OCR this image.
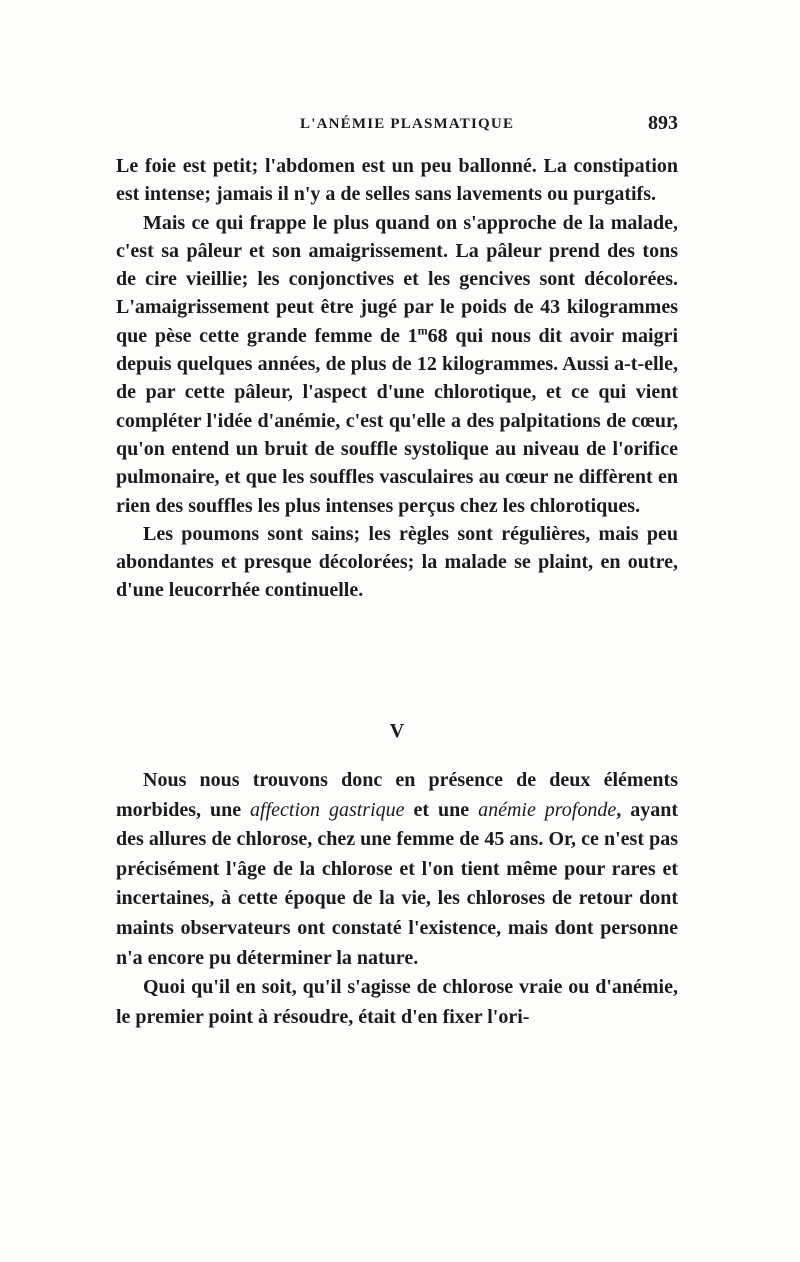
L'ANÉMIE PLASMATIQUE	893

Le foie est petit; l'abdomen est un peu ballonné. La constipation est intense; jamais il n'y a de selles sans lavements ou purgatifs.

Mais ce qui frappe le plus quand on s'approche de la malade, c'est sa pâleur et son amaigrissement. La pâleur prend des tons de cire vieillie; les conjonctives et les gencives sont décolorées. L'amaigrissement peut être jugé par le poids de 43 kilogrammes que pèse cette grande femme de 1$^m$68 qui nous dit avoir maigri depuis quelques années, de plus de 12 kilogrammes. Aussi a-t-elle, de par cette pâleur, l'aspect d'une chlorotique, et ce qui vient compléter l'idée d'anémie, c'est qu'elle a des palpitations de cœur, qu'on entend un bruit de souffle systolique au niveau de l'orifice pulmonaire, et que les souffles vasculaires au cœur ne diffèrent en rien des souffles les plus intenses perçus chez les chlorotiques.

Les poumons sont sains; les règles sont régulières, mais peu abondantes et presque décolorées; la malade se plaint, en outre, d'une leucorrhée continuelle.

V

Nous nous trouvons donc en présence de deux éléments morbides, une affection gastrique et une anémie profonde, ayant des allures de chlorose, chez une femme de 45 ans. Or, ce n'est pas précisément l'âge de la chlorose et l'on tient même pour rares et incertaines, à cette époque de la vie, les chloroses de retour dont maints observateurs ont constaté l'existence, mais dont personne n'a encore pu déterminer la nature.

Quoi qu'il en soit, qu'il s'agisse de chlorose vraie ou d'anémie, le premier point à résoudre, était d'en fixer l'ori-
